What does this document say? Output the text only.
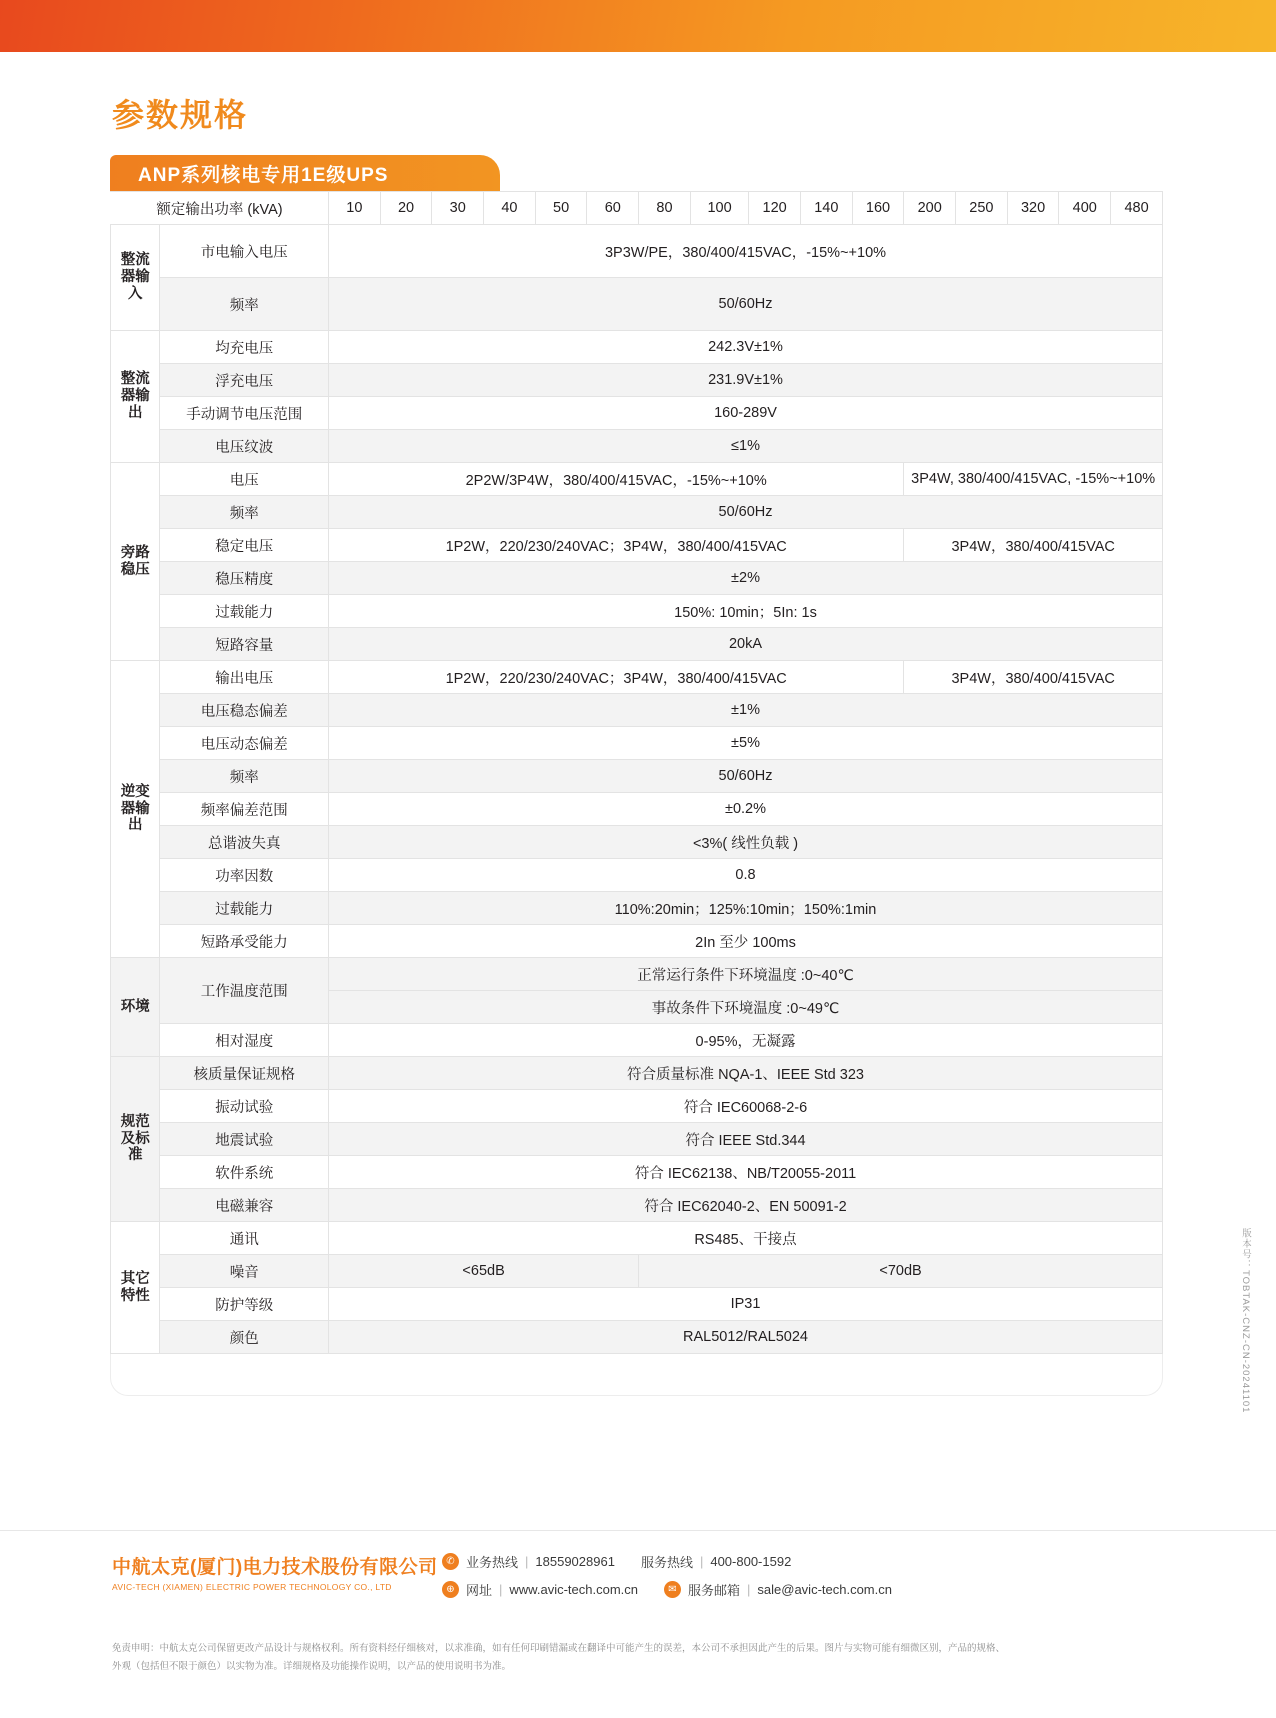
参数规格
ANP系列核电专用1E级UPS
额定输出功率 (kVA)		10	20	30	40	50	60	80	100	120	140	160	200	250	320	400	480

整流器输入	市电输入电压	3P3W/PE，380/400/415VAC，-15%~+10%															
	频率	50/60Hz															

整流器输出	均充电压	242.3V±1%															
	浮充电压	231.9V±1%															
	手动调节电压范围	160-289V															
	电压纹波	≤1%															

旁路稳压	电压	2P2W/3P4W，380/400/415VAC，-15%~+10%											3P4W, 380/400/415VAC, -15%~+10%				
	频率	50/60Hz															
	稳定电压	1P2W，220/230/240VAC；3P4W，380/400/415VAC											3P4W，380/400/415VAC				
	稳压精度	±2%															
	过载能力	150%: 10min；5In: 1s															
	短路容量	20kA															

逆变器输出	输出电压	1P2W，220/230/240VAC；3P4W，380/400/415VAC											3P4W，380/400/415VAC				
	电压稳态偏差	±1%															
	电压动态偏差	±5%															
	频率	50/60Hz															
	频率偏差范围	±0.2%															
	总谐波失真	<3%( 线性负载 )															
	功率因数	0.8															
	过载能力	110%:20min；125%:10min；150%:1min															
	短路承受能力	2In 至少 100ms															

环境	工作温度范围	正常运行条件下环境温度 :0~40℃															
		事故条件下环境温度 :0~49℃															
	相对湿度	0-95%，无凝露															

规范及标准	核质量保证规格	符合质量标准 NQA-1、IEEE Std 323															
	振动试验	符合 IEC60068-2-6															
	地震试验	符合 IEEE Std.344															
	软件系统	符合 IEC62138、NB/T20055-2011															
	电磁兼容	符合 IEC62040-2、EN 50091-2															

其它特性	通讯	RS485、干接点															
	噪音	<65dB						<70dB									
	防护等级	IP31															
	颜色	RAL5012/RAL5024																版本号：TOBTAK-CNZ-CN-20241101
中航太克(厦门)电力技术股份有限公司
AVIC-TECH (XIAMEN) ELECTRIC POWER TECHNOLOGY CO., LTD
✆ 业务热线 | 18559028961 服务热线 | 400-800-1592
⊕ 网址 | www.avic-tech.com.cn	✉ 服务邮箱 | sale@avic-tech.com.cn
免责申明：中航太克公司保留更改产品设计与规格权利。所有资料经仔细核对，以求准确，如有任何印刷错漏或在翻译中可能产生的误差，本公司不承担因此产生的后果。图片与实物可能有细微区别，产品的规格、
外观（包括但不限于颜色）以实物为准。详细规格及功能操作说明，以产品的使用说明书为准。
